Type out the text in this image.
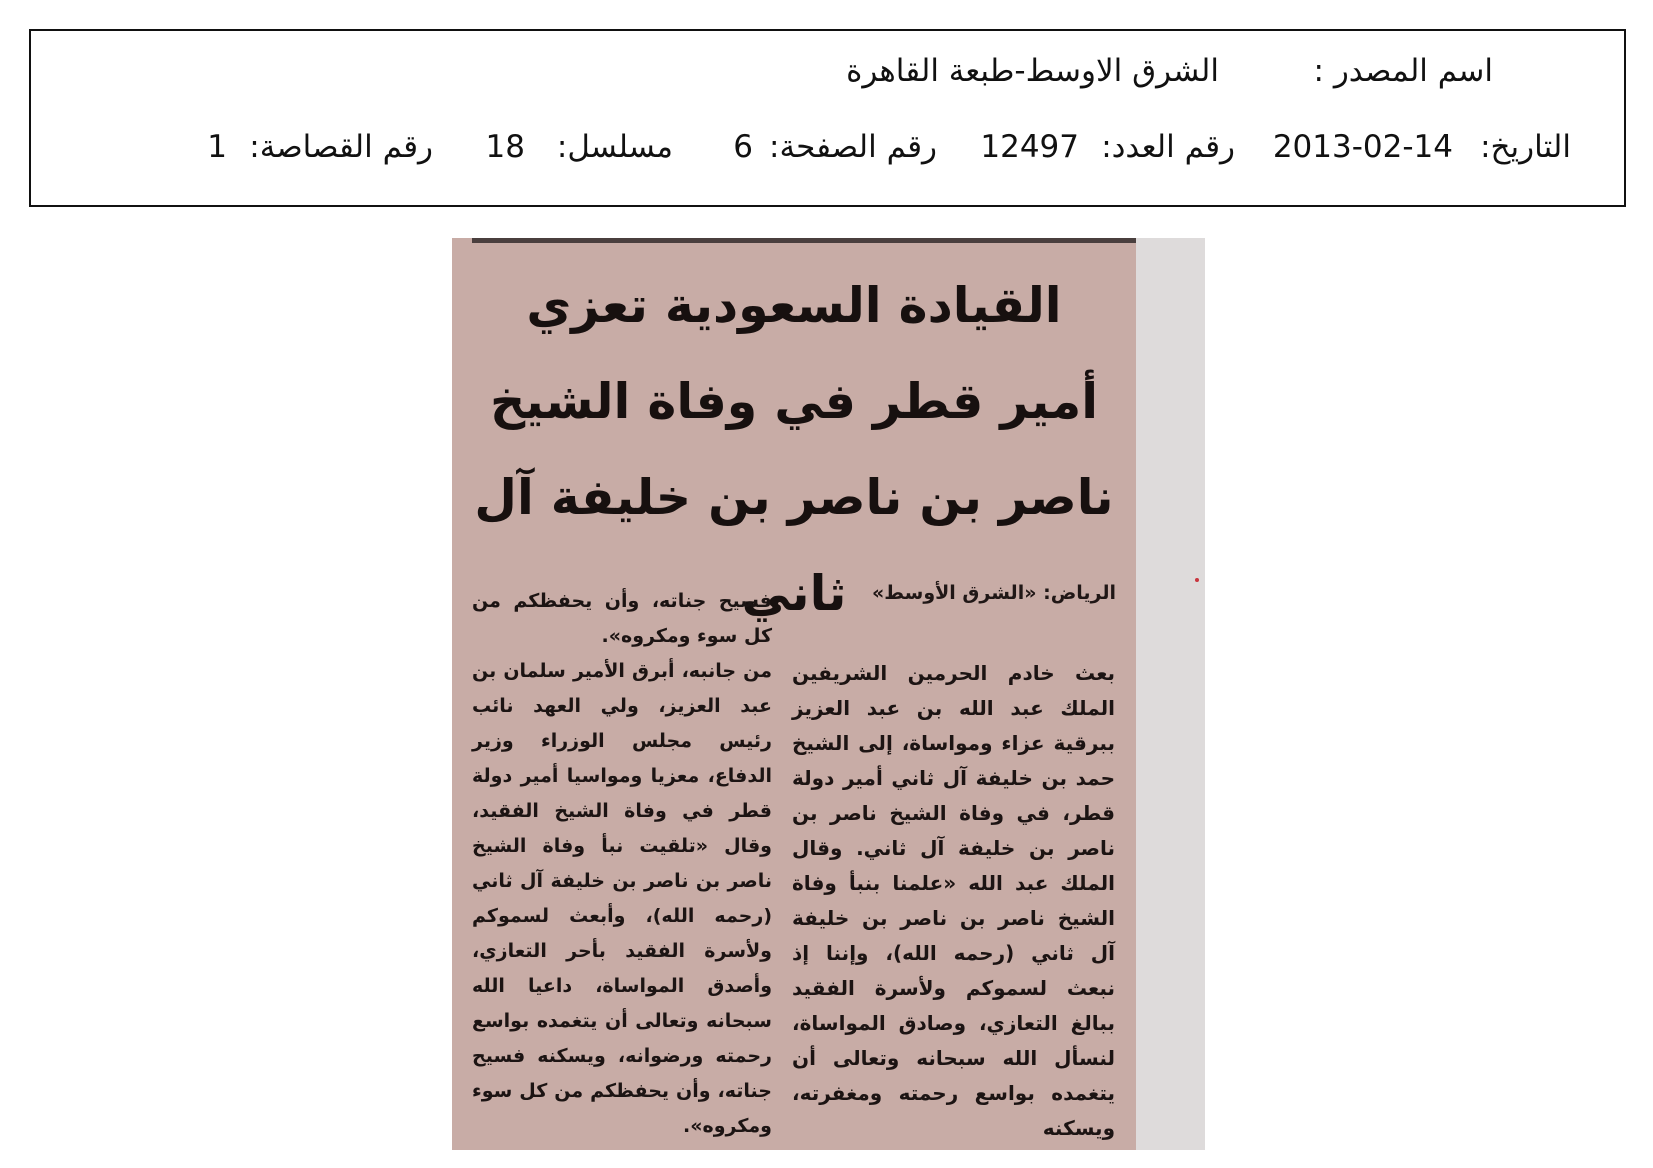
اسم المصدر :
الشرق الاوسط-طبعة القاهرة
التاريخ:
2013-02-14
رقم العدد:
12497
رقم الصفحة:
6
مسلسل:
18
رقم القصاصة:
1
القيادة السعودية تعزي
أمير قطر في وفاة الشيخ
ناصر بن ناصر بن خليفة آل ثاني	الرياض: «الشرق الأوسط»
بعث خادم الحرمين الشريفين الملك عبد الله بن عبد العزيز ببرقية عزاء ومواساة، إلى الشيخ حمد بن خليفة آل ثاني أمير دولة قطر، في وفاة الشيخ ناصر بن ناصر بن خليفة آل ثاني. وقال الملك عبد الله «علمنا بنبأ وفاة الشيخ ناصر بن ناصر بن خليفة آل ثاني (رحمه الله)، وإننا إذ نبعث لسموكم ولأسرة الفقيد ببالغ التعازي، وصادق المواساة، لنسأل الله سبحانه وتعالى أن يتغمده بواسع رحمته ومغفرته، ويسكنه

فسيح جناته، وأن يحفظكم من كل سوء ومكروه».

من جانبه، أبرق الأمير سلمان بن عبد العزيز، ولي العهد نائب رئيس مجلس الوزراء وزير الدفاع، معزيا ومواسيا أمير دولة قطر في وفاة الشيخ الفقيد، وقال «تلقيت نبأ وفاة الشيخ ناصر بن ناصر بن خليفة آل ثاني (رحمه الله)، وأبعث لسموكم ولأسرة الفقيد بأحر التعازي، وأصدق المواساة، داعيا الله سبحانه وتعالى أن يتغمده بواسع رحمته ورضوانه، ويسكنه فسيح جناته، وأن يحفظكم من كل سوء ومكروه».
